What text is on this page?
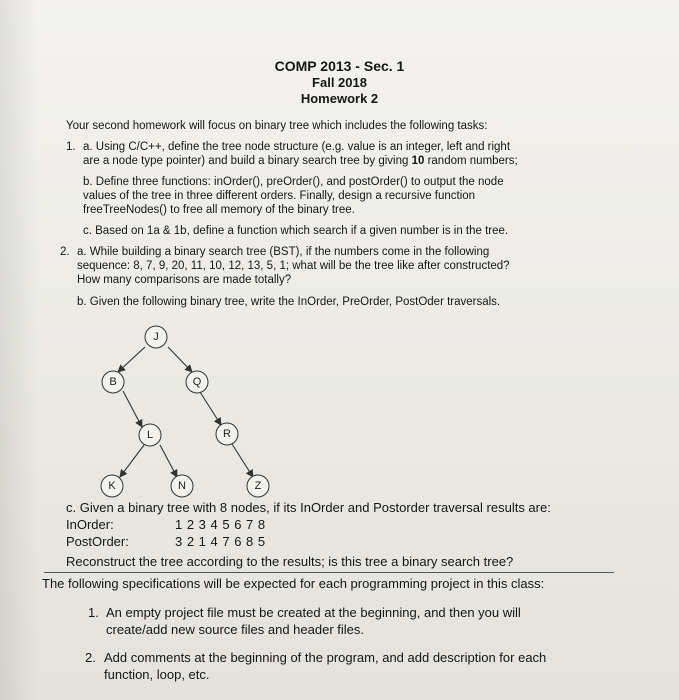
COMP 2013 - Sec. 1
Fall 2018
Homework 2
Your second homework will focus on binary tree which includes the following tasks:
1. a. Using C/C++, define the tree node structure (e.g. value is an integer, left and right
are a node type pointer) and build a binary search tree by giving 10 random numbers;
b. Define three functions: inOrder(), preOrder(), and postOrder() to output the node
values of the tree in three different orders. Finally, design a recursive function
freeTreeNodes() to free all memory of the binary tree.
c. Based on 1a & 1b, define a function which search if a given number is in the tree.
2. a. While building a binary search tree (BST), if the numbers come in the following
sequence: 8, 7, 9, 20, 11, 10, 12, 13, 5, 1; what will be the tree like after constructed?
How many comparisons are made totally?
b. Given the following binary tree, write the InOrder, PreOrder, PostOder traversals.
J
B	Q
L	R
K	N	Z
c. Given a binary tree with 8 nodes, if its InOrder and Postorder traversal results are:
InOrder:	1 2 3 4 5 6 7 8
PostOrder:	3 2 1 4 7 6 8 5
Reconstruct the tree according to the results; is this tree a binary search tree?
The following specifications will be expected for each programming project in this class:
1. An empty project file must be created at the beginning, and then you will
create/add new source files and header files.
2. Add comments at the beginning of the program, and add description for each
function, loop, etc.
